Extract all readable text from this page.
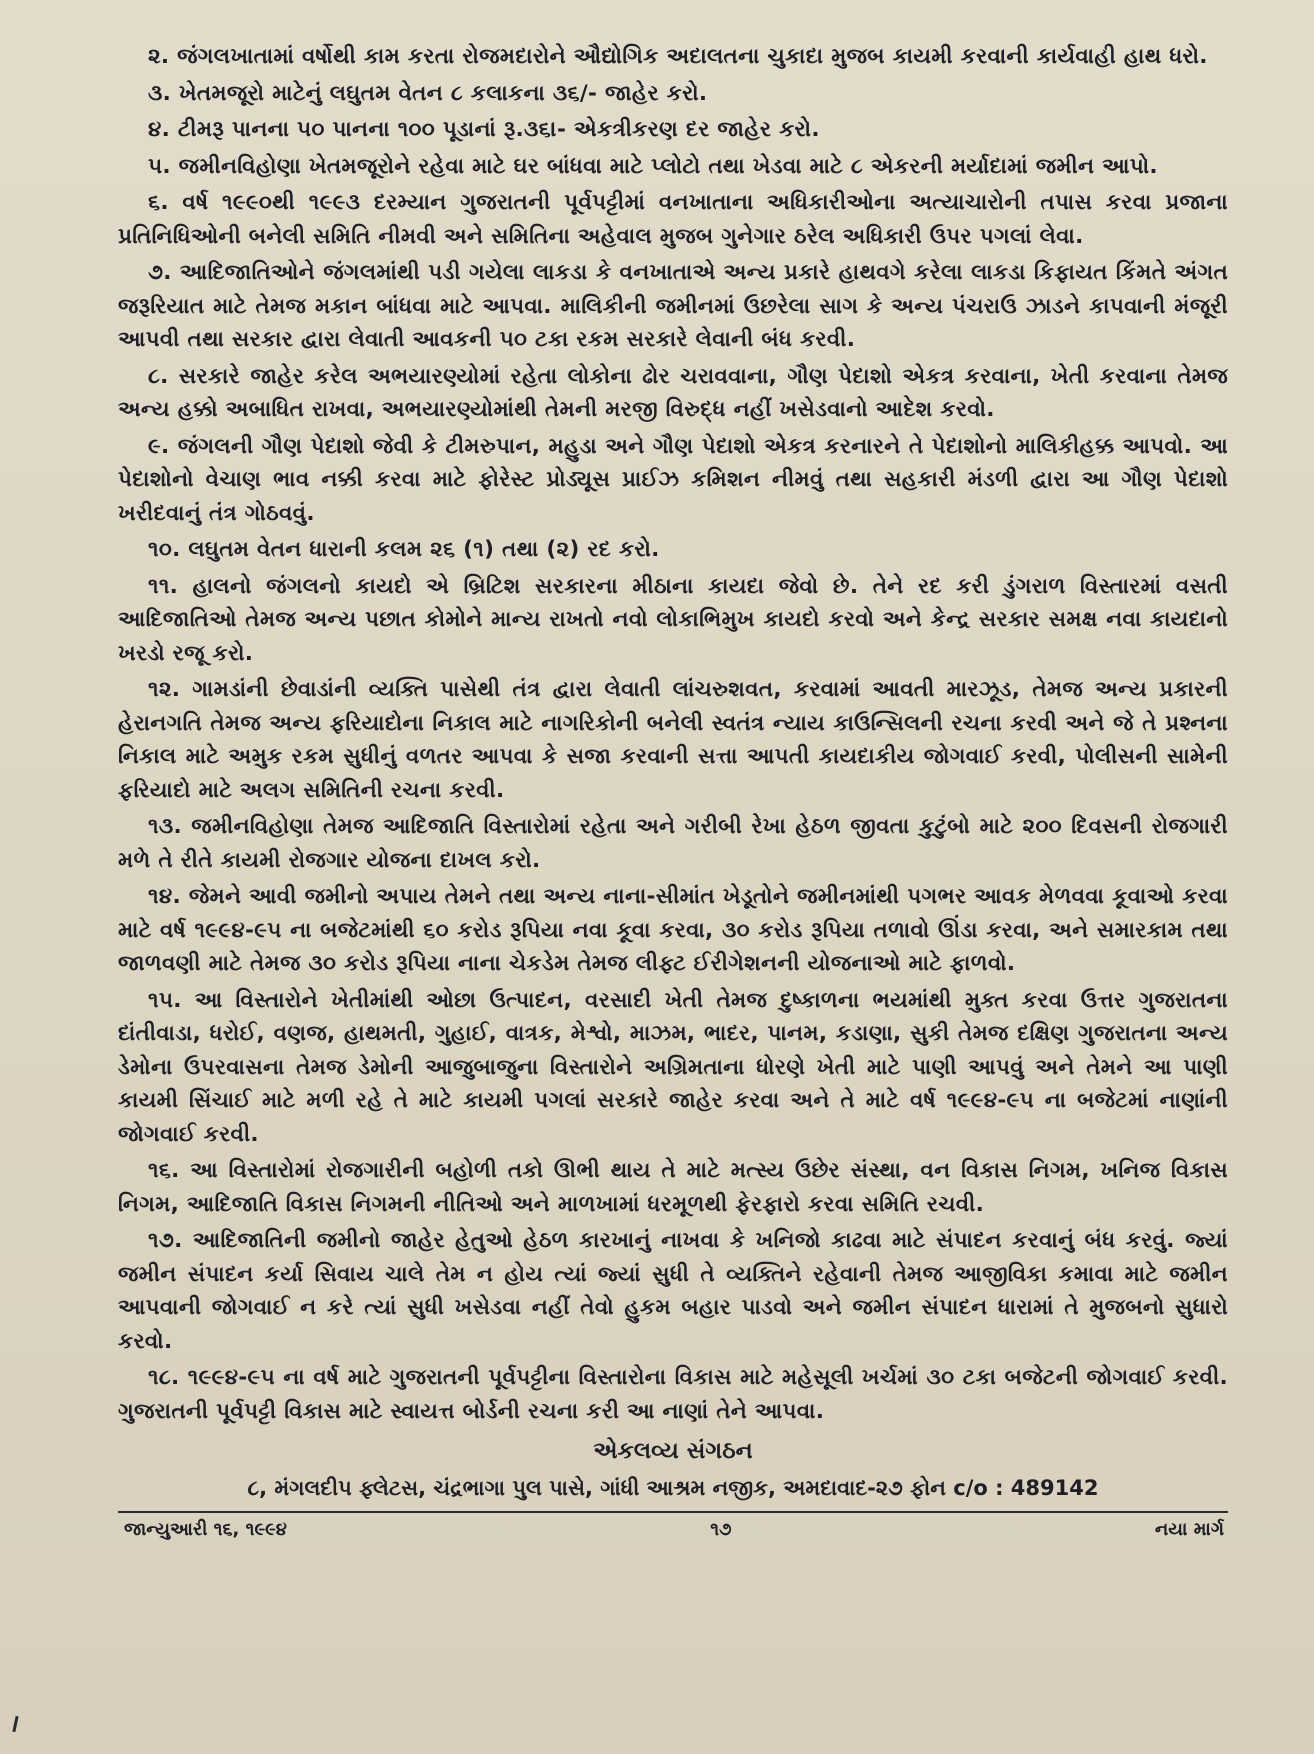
૨. જંગલખાતામાં વર્ષોથી કામ કરતા રોજમદારોને ઔદ્યોગિક અદાલતના ચુકાદા મુજબ કાયમી કરવાની કાર્યવાહી હાથ ધરો.

૩. ખેતમજૂરો માટેનું લઘુતમ વેતન ૮ કલાકના ૩૬/- જાહેર કરો.

૪. ટીમરૂ પાનના ૫૦ પાનના ૧૦૦ પૂડાનાં રૂ.૩૬।- એકત્રીકરણ દર જાહેર કરો.

૫. જમીનવિહોણા ખેતમજૂરોને રહેવા માટે ઘર બાંધવા માટે પ્લોટો તથા ખેડવા માટે ૮ એકરની મર્યાદામાં જમીન આપો.

૬. વર્ષ ૧૯૯૦થી ૧૯૯૩ દરમ્યાન ગુજરાતની પૂર્વપટ્ટીમાં વનખાતાના અધિકારીઓના અત્યાચારોની તપાસ કરવા પ્રજાના પ્રતિનિધિઓની બનેલી સમિતિ નીમવી અને સમિતિના અહેવાલ મુજબ ગુનેગાર ઠરેલ અધિકારી ઉપર પગલાં લેવા.

૭. આદિજાતિઓને જંગલમાંથી પડી ગયેલા લાકડા કે વનખાતાએ અન્ય પ્રકારે હાથવગે કરેલા લાકડા કિફાયત કિંમતે અંગત જરૂરિયાત માટે તેમજ મકાન બાંધવા માટે આપવા. માલિકીની જમીનમાં ઉછરેલા સાગ કે અન્ય પંચરાઉ ઝાડને કાપવાની મંજૂરી આપવી તથા સરકાર દ્વારા લેવાતી આવકની ૫૦ ટકા રકમ સરકારે લેવાની બંધ કરવી.

૮. સરકારે જાહેર કરેલ અભયારણ્યોમાં રહેતા લોકોના ઢોર ચરાવવાના, ગૌણ પેદાશો એકત્ર કરવાના, ખેતી કરવાના તેમજ અન્ય હક્કો અબાધિત રાખવા, અભયારણ્યોમાંથી તેમની મરજી વિરુદ્ધ નહીં ખસેડવાનો આદેશ કરવો.

૯. જંગલની ગૌણ પેદાશો જેવી કે ટીમરુપાન, મહુડા અને ગૌણ પેદાશો એકત્ર કરનારને તે પેદાશોનો માલિકીહક્ક આપવો. આ પેદાશોનો વેચાણ ભાવ નક્કી કરવા માટે ફોરેસ્ટ પ્રોડ્યૂસ પ્રાઈઝ કમિશન નીમવું તથા સહકારી મંડળી દ્વારા આ ગૌણ પેદાશો ખરીદવાનું તંત્ર ગોઠવવું.

૧૦. લઘુતમ વેતન ધારાની કલમ ૨૬ (૧) તથા (૨) રદ કરો.

૧૧. હાલનો જંગલનો કાયદો એ બ્રિટિશ સરકારના મીઠાના કાયદા જેવો છે. તેને રદ કરી ડુંગરાળ વિસ્તારમાં વસતી આદિજાતિઓ તેમજ અન્ય પછાત કોમોને માન્ય રાખતો નવો લોકાભિમુખ કાયદો કરવો અને કેન્દ્ર સરકાર સમક્ષ નવા કાયદાનો ખરડો રજૂ કરો.

૧૨. ગામડાંની છેવાડાંની વ્યક્તિ પાસેથી તંત્ર દ્વારા લેવાતી લાંચરુશવત, કરવામાં આવતી મારઝૂડ, તેમજ અન્ય પ્રકારની હેરાનગતિ તેમજ અન્ય ફરિયાદોના નિકાલ માટે નાગરિકોની બનેલી સ્વતંત્ર ન્યાય કાઉન્સિલની રચના કરવી અને જે તે પ્રશ્નના નિકાલ માટે અમુક રકમ સુધીનું વળતર આપવા કે સજા કરવાની સત્તા આપતી કાયદાકીય જોગવાઈ કરવી, પોલીસની સામેની ફરિયાદો માટે અલગ સમિતિની રચના કરવી.

૧૩. જમીનવિહોણા તેમજ આદિજાતિ વિસ્તારોમાં રહેતા અને ગરીબી રેખા હેઠળ જીવતા કુટુંબો માટે ૨૦૦ દિવસની રોજગારી મળે તે રીતે કાયમી રોજગાર યોજના દાખલ કરો.

૧૪. જેમને આવી જમીનો અપાય તેમને તથા અન્ય નાના-સીમાંત ખેડૂતોને જમીનમાંથી પગભર આવક મેળવવા કૂવાઓ કરવા માટે વર્ષ ૧૯૯૪-૯૫ ના બજેટમાંથી ૬૦ કરોડ રૂપિયા નવા કૂવા કરવા, ૩૦ કરોડ રૂપિયા તળાવો ઊંડા કરવા, અને સમારકામ તથા જાળવણી માટે તેમજ ૩૦ કરોડ રૂપિયા નાના ચેકડેમ તેમજ લીફ્ટ ઈરીગેશનની યોજનાઓ માટે ફાળવો.

૧૫. આ વિસ્તારોને ખેતીમાંથી ઓછા ઉત્પાદન, વરસાદી ખેતી તેમજ દુષ્કાળના ભયમાંથી મુક્ત કરવા ઉત્તર ગુજરાતના દાંતીવાડા, ધરોઈ, વણજ, હાથમતી, ગુહાઈ, વાત્રક, મેશ્વો, માઝમ, ભાદર, પાનમ, કડાણા, સુકી તેમજ દક્ષિણ ગુજરાતના અન્ય ડેમોના ઉપરવાસના તેમજ ડેમોની આજુબાજુના વિસ્તારોને અગ્રિમતાના ધોરણે ખેતી માટે પાણી આપવું અને તેમને આ પાણી કાયમી સિંચાઈ માટે મળી રહે તે માટે કાયમી પગલાં સરકારે જાહેર કરવા અને તે માટે વર્ષ ૧૯૯૪-૯૫ ના બજેટમાં નાણાંની જોગવાઈ કરવી.

૧૬. આ વિસ્તારોમાં રોજગારીની બહોળી તકો ઊભી થાય તે માટે મત્સ્ય ઉછેર સંસ્થા, વન વિકાસ નિગમ, ખનિજ વિકાસ નિગમ, આદિજાતિ વિકાસ નિગમની નીતિઓ અને માળખામાં ધરમૂળથી ફેરફારો કરવા સમિતિ રચવી.

૧૭. આદિજાતિની જમીનો જાહેર હેતુઓ હેઠળ કારખાનું નાખવા કે ખનિજો કાઢવા માટે સંપાદન કરવાનું બંધ કરવું. જ્યાં જમીન સંપાદન કર્યા સિવાય ચાલે તેમ ન હોય ત્યાં જ્યાં સુધી તે વ્યક્તિને રહેવાની તેમજ આજીવિકા કમાવા માટે જમીન આપવાની જોગવાઈ ન કરે ત્યાં સુધી ખસેડવા નહીં તેવો હુકમ બહાર પાડવો અને જમીન સંપાદન ધારામાં તે મુજબનો સુધારો કરવો.

૧૮. ૧૯૯૪-૯૫ ના વર્ષ માટે ગુજરાતની પૂર્વપટ્ટીના વિસ્તારોના વિકાસ માટે મહેસૂલી ખર્ચમાં ૩૦ ટકા બજેટની જોગવાઈ કરવી. ગુજરાતની પૂર્વપટ્ટી વિકાસ માટે સ્વાયત્ત બોર્ડની રચના કરી આ નાણાં તેને આપવા.

એકલવ્ય સંગઠન
૮, મંગલદીપ ફ્લેટસ, ચંદ્રભાગા પુલ પાસે, ગાંધી આશ્રમ નજીક, અમદાવાદ-૨૭ ફોન c/o : 489142
જાન્યુઆરી ૧૬, ૧૯૯૪	૧૭	નયા માર્ગ
